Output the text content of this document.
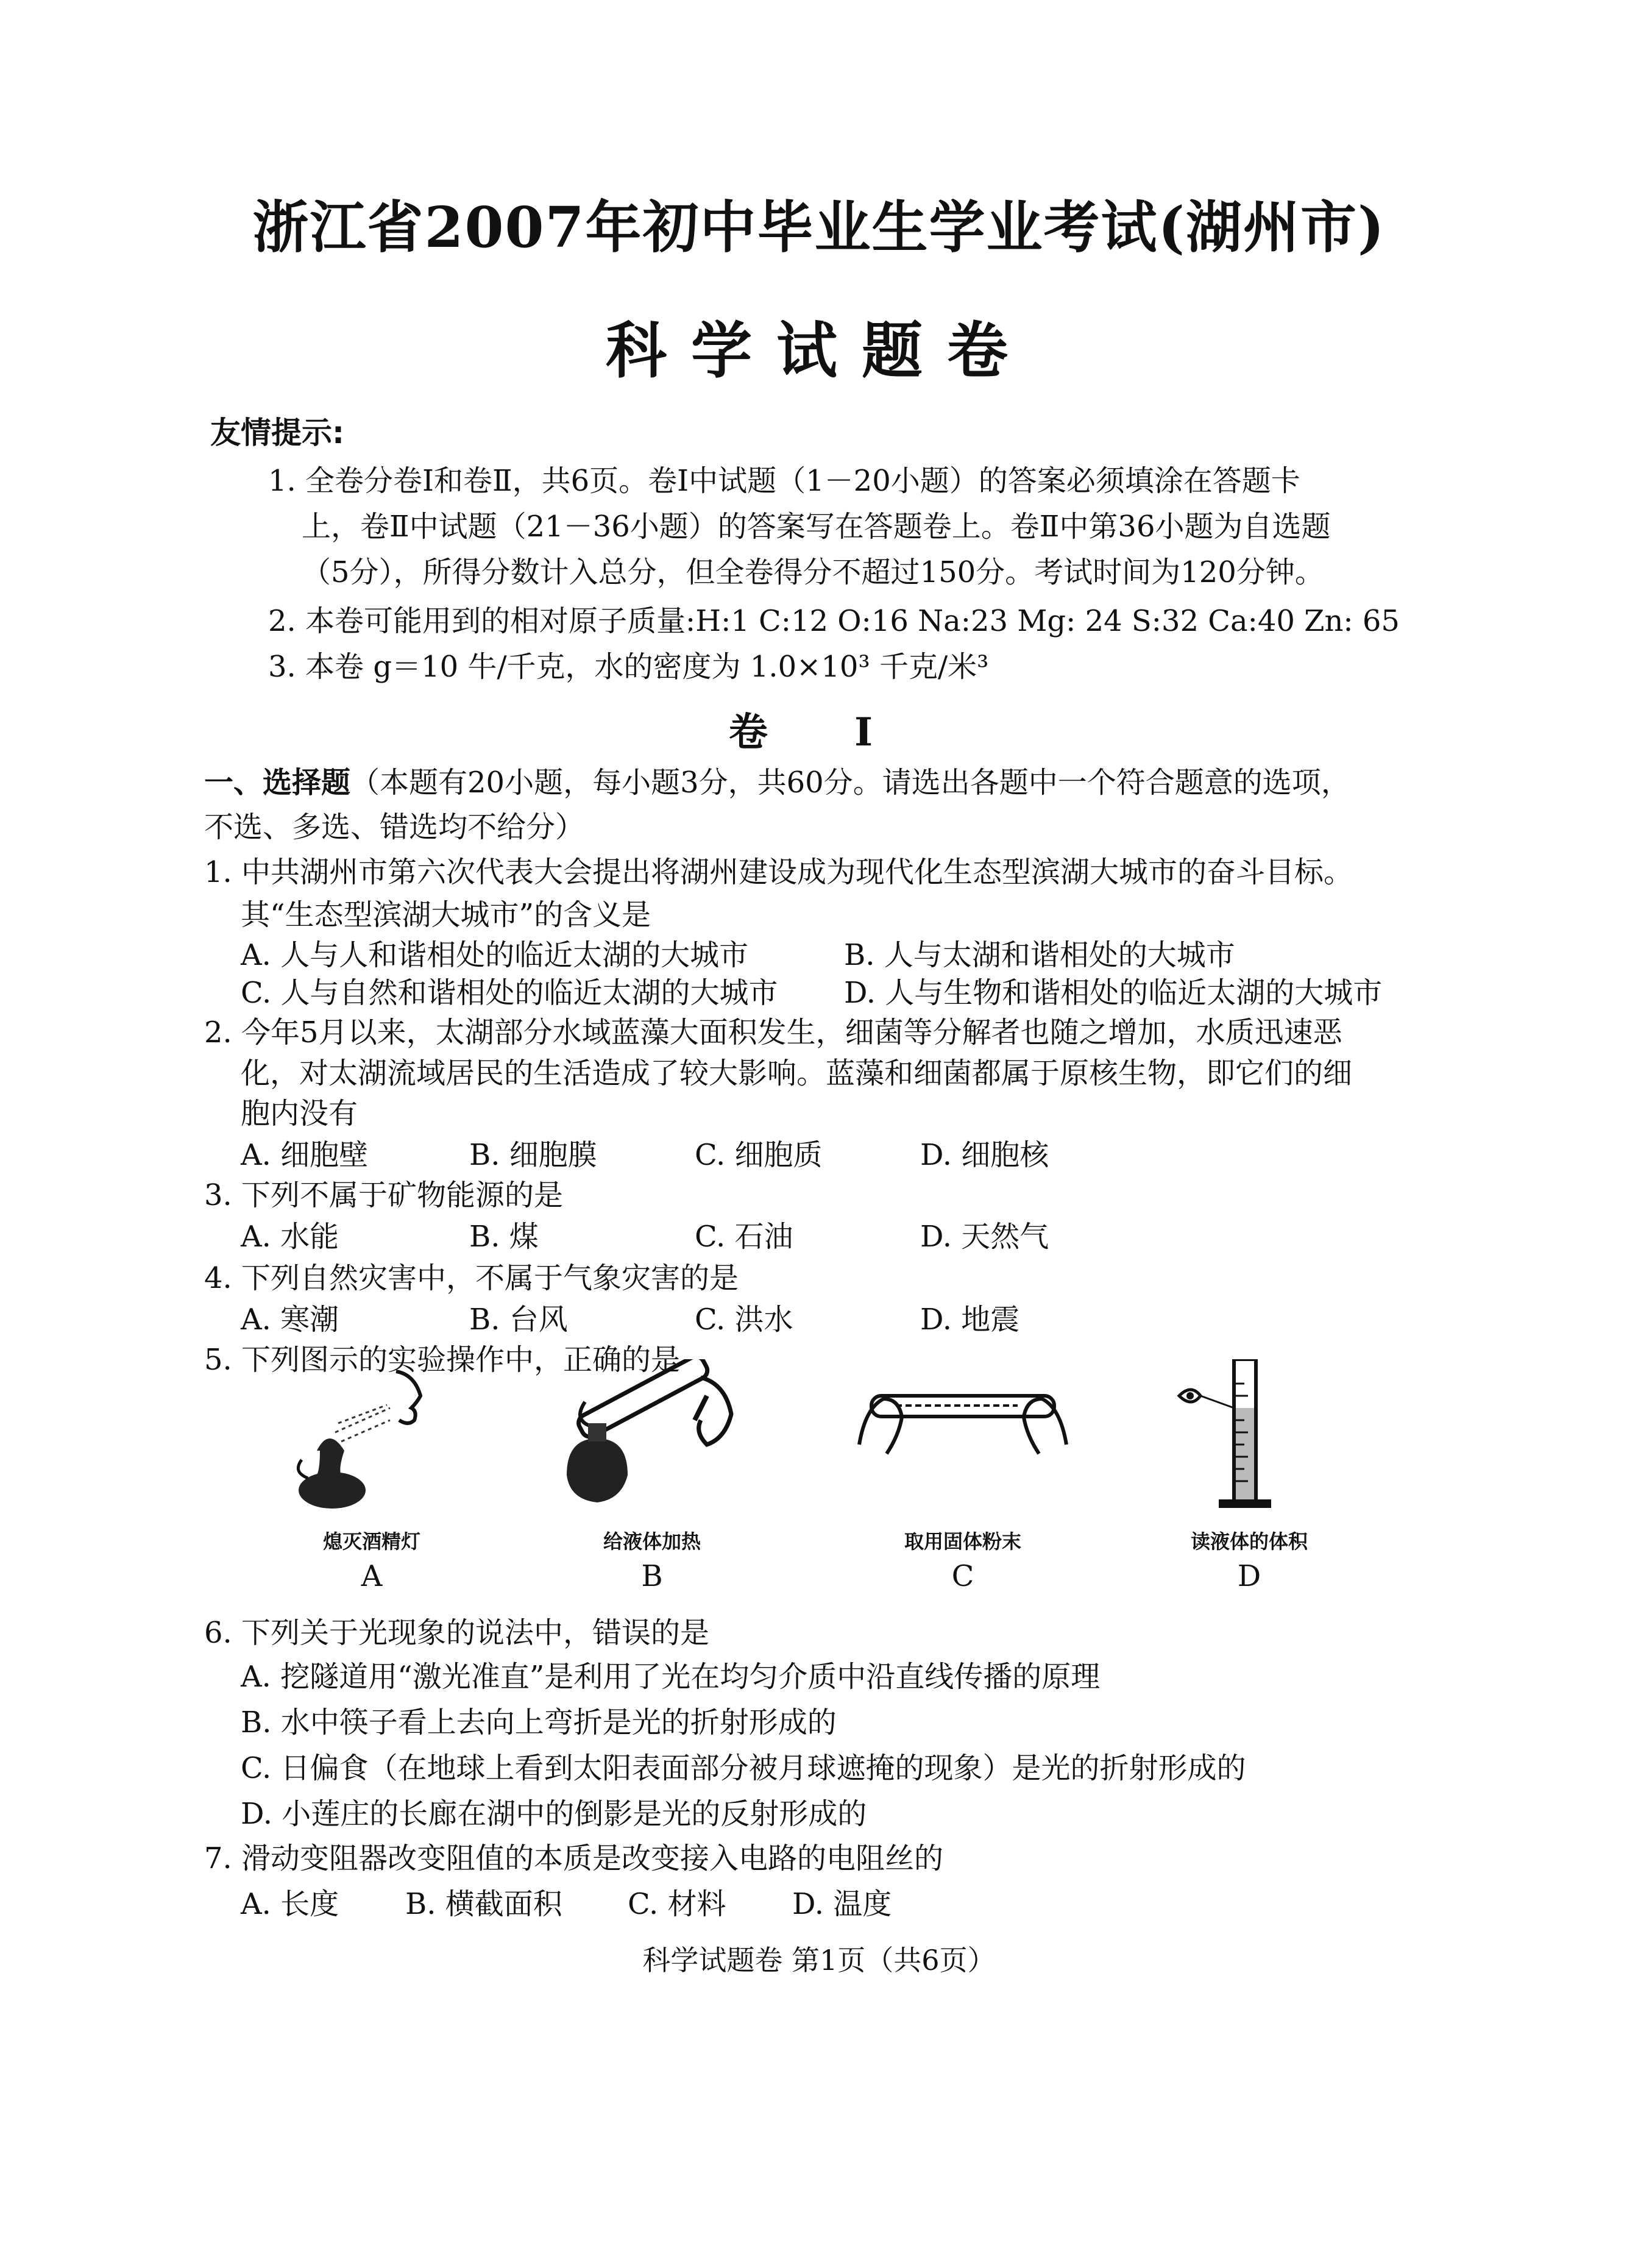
浙江省2007年初中毕业生学业考试(湖州市)
科学试题卷
友情提示:
1. 全卷分卷Ⅰ和卷Ⅱ，共6页。卷Ⅰ中试题（1－20小题）的答案必须填涂在答题卡
上，卷Ⅱ中试题（21－36小题）的答案写在答题卷上。卷Ⅱ中第36小题为自选题
（5分），所得分数计入总分，但全卷得分不超过150分。考试时间为120分钟。
2. 本卷可能用到的相对原子质量:H:1 C:12 O:16 Na:23 Mg: 24 S:32 Ca:40 Zn: 65
3. 本卷 g＝10 牛/千克，水的密度为 1.0×10³ 千克/米³
卷 Ⅰ
一、选择题（本题有20小题，每小题3分，共60分。请选出各题中一个符合题意的选项，
不选、多选、错选均不给分）
1. 中共湖州市第六次代表大会提出将湖州建设成为现代化生态型滨湖大城市的奋斗目标。
其“生态型滨湖大城市”的含义是
A. 人与人和谐相处的临近太湖的大城市	B. 人与太湖和谐相处的大城市
C. 人与自然和谐相处的临近太湖的大城市 D. 人与生物和谐相处的临近太湖的大城市
2. 今年5月以来，太湖部分水域蓝藻大面积发生，细菌等分解者也随之增加，水质迅速恶
化，对太湖流域居民的生活造成了较大影响。蓝藻和细菌都属于原核生物，即它们的细
胞内没有
A. 细胞壁	B. 细胞膜	C. 细胞质	D. 细胞核
3. 下列不属于矿物能源的是
A. 水能	B. 煤	C. 石油	D. 天然气
4. 下列自然灾害中，不属于气象灾害的是
A. 寒潮	B. 台风	C. 洪水	D. 地震
5. 下列图示的实验操作中，正确的是
熄灭酒精灯
A
给液体加热
B
取用固体粉末
C
读液体的体积
D
6. 下列关于光现象的说法中，错误的是
A. 挖隧道用“激光准直”是利用了光在均匀介质中沿直线传播的原理
B. 水中筷子看上去向上弯折是光的折射形成的
C. 日偏食（在地球上看到太阳表面部分被月球遮掩的现象）是光的折射形成的
D. 小莲庄的长廊在湖中的倒影是光的反射形成的
7. 滑动变阻器改变阻值的本质是改变接入电路的电阻丝的
A. 长度 B. 横截面积 C. 材料 D. 温度
科学试题卷 第1页（共6页）
